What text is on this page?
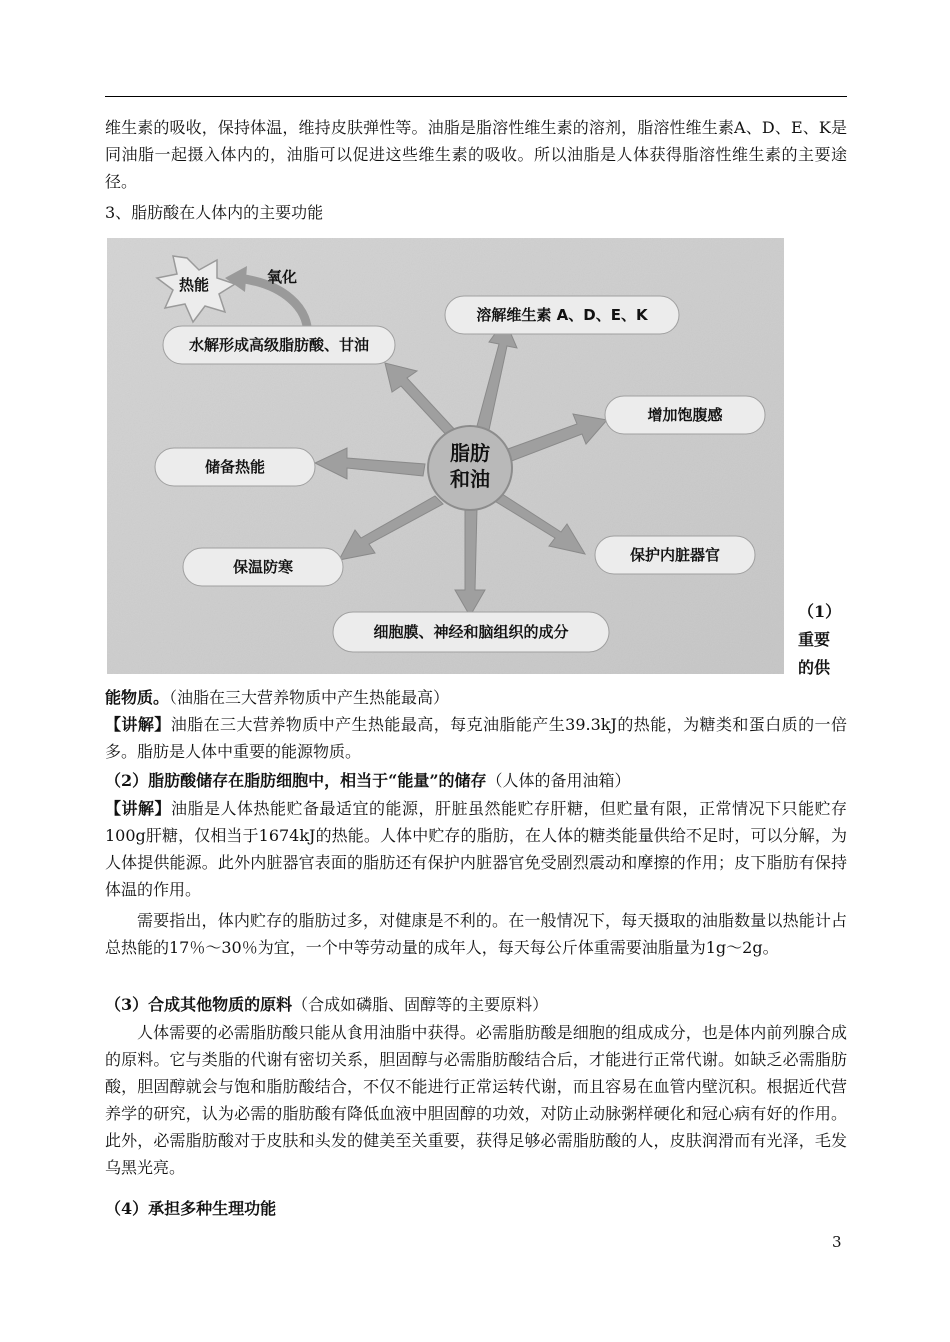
维生素的吸收，保持体温，维持皮肤弹性等。油脂是脂溶性维生素的溶剂，脂溶性维生素A、D、E、K是同油脂一起摄入体内的，油脂可以促进这些维生素的吸收。所以油脂是人体获得脂溶性维生素的主要途径。
3、脂肪酸在人体内的主要功能
脂肪
和油
热能	氧化
水解形成高级脂肪酸、甘油
溶解维生素 A、D、E、K
增加饱腹感
储备热能
保护内脏器官
保温防寒
细胞膜、神经和脑组织的成分
（1）重要的供
能物质。（油脂在三大营养物质中产生热能最高）
【讲解】油脂在三大营养物质中产生热能最高，每克油脂能产生39.3kJ的热能，为糖类和蛋白质的一倍多。脂肪是人体中重要的能源物质。
（2）脂肪酸储存在脂肪细胞中，相当于“能量”的储存（人体的备用油箱）
【讲解】油脂是人体热能贮备最适宜的能源，肝脏虽然能贮存肝糖，但贮量有限，正常情况下只能贮存100g肝糖，仅相当于1674kJ的热能。人体中贮存的脂肪，在人体的糖类能量供给不足时，可以分解，为人体提供能源。此外内脏器官表面的脂肪还有保护内脏器官免受剧烈震动和摩擦的作用；皮下脂肪有保持体温的作用。
需要指出，体内贮存的脂肪过多，对健康是不利的。在一般情况下，每天摄取的油脂数量以热能计占总热能的17％～30％为宜，一个中等劳动量的成年人，每天每公斤体重需要油脂量为1g～2g。
（3）合成其他物质的原料（合成如磷脂、固醇等的主要原料）
人体需要的必需脂肪酸只能从食用油脂中获得。必需脂肪酸是细胞的组成成分，也是体内前列腺合成的原料。它与类脂的代谢有密切关系，胆固醇与必需脂肪酸结合后，才能进行正常代谢。如缺乏必需脂肪酸，胆固醇就会与饱和脂肪酸结合，不仅不能进行正常运转代谢，而且容易在血管内壁沉积。根据近代营养学的研究，认为必需的脂肪酸有降低血液中胆固醇的功效，对防止动脉粥样硬化和冠心病有好的作用。此外，必需脂肪酸对于皮肤和头发的健美至关重要，获得足够必需脂肪酸的人，皮肤润滑而有光泽，毛发乌黑光亮。
（4）承担多种生理功能
3
